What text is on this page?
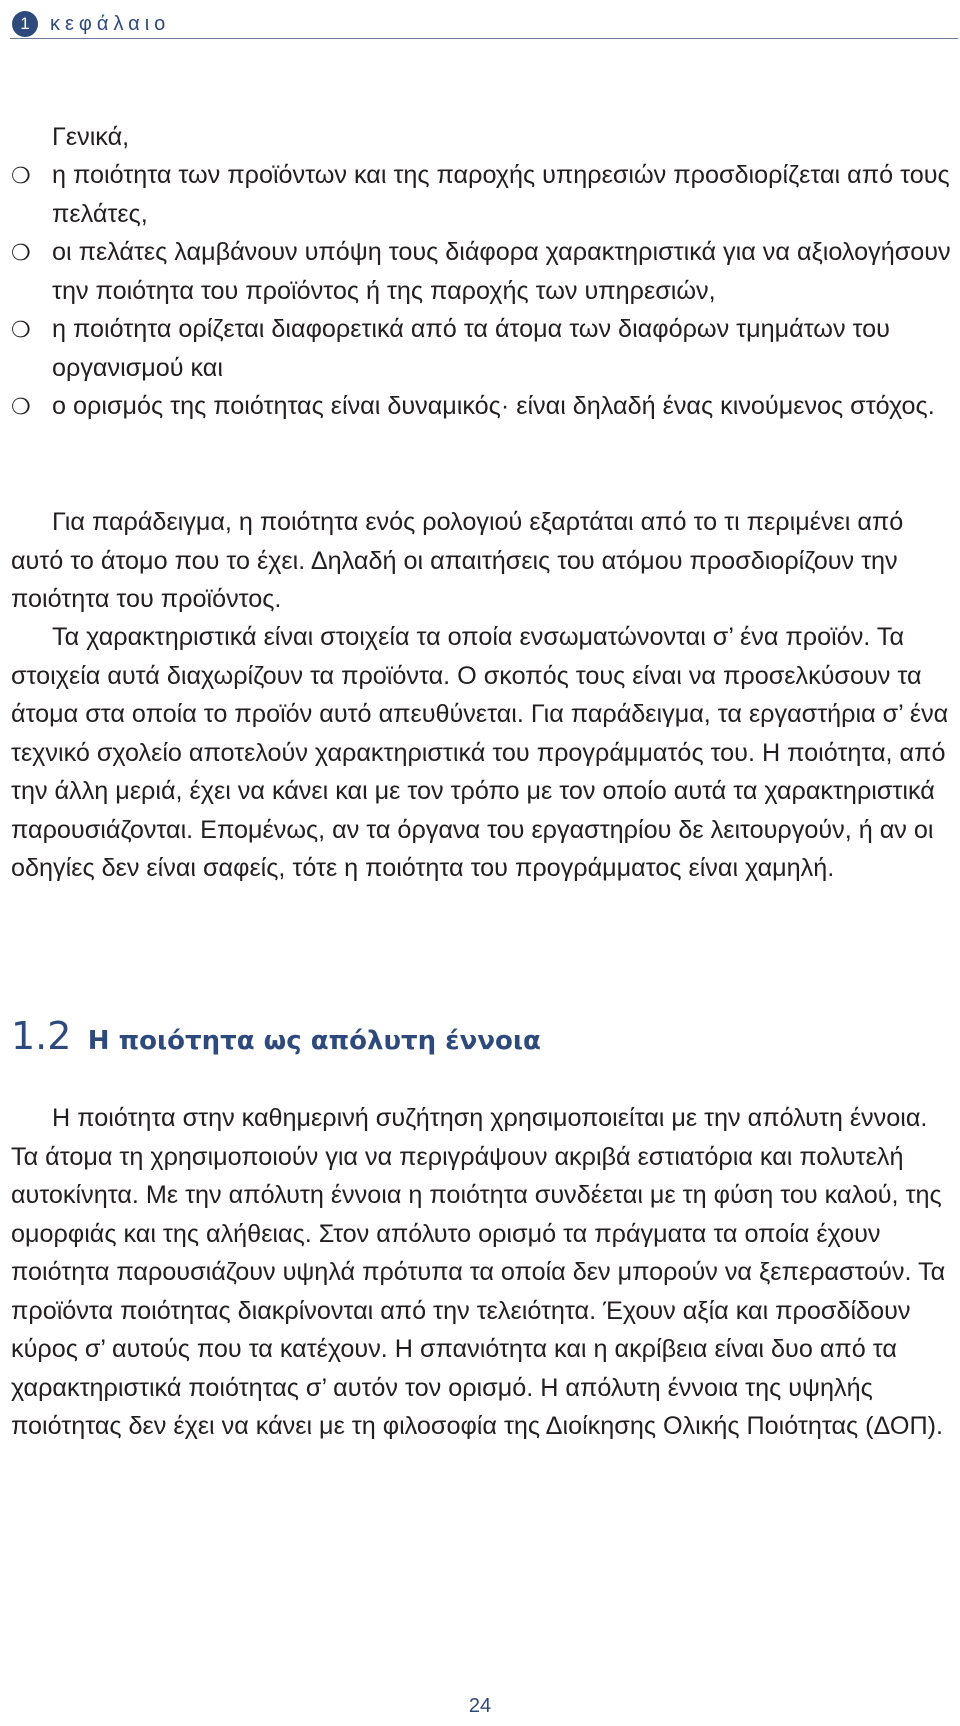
1	κεφάλαιο

Γενικά,

❍ η ποιότητα των προϊόντων και της παροχής υπηρεσιών προσδιορίζεται από τους πελάτες,
❍ οι πελάτες λαμβάνουν υπόψη τους διάφορα χαρακτηριστικά για να αξιολογήσουν την ποιότητα του προϊόντος ή της παροχής των υπηρεσιών,
❍ η ποιότητα ορίζεται διαφορετικά από τα άτομα των διαφόρων τμημάτων του οργανισμού και
❍ ο ορισμός της ποιότητας είναι δυναμικός· είναι δηλαδή ένας κινούμενος στόχος.

Για παράδειγμα, η ποιότητα ενός ρολογιού εξαρτάται από το τι περιμένει από αυτό το άτομο που το έχει. Δηλαδή οι απαιτήσεις του ατόμου προσδιορίζουν την ποιότητα του προϊόντος.

Τα χαρακτηριστικά είναι στοιχεία τα οποία ενσωματώνονται σ’ ένα προϊόν. Τα στοιχεία αυτά διαχωρίζουν τα προϊόντα. Ο σκοπός τους είναι να προσελκύσουν τα άτομα στα οποία το προϊόν αυτό απευθύνεται. Για παράδειγμα, τα εργαστήρια σ’ ένα τεχνικό σχολείο αποτελούν χαρακτηριστικά του προγράμματός του. Η ποιότητα, από την άλλη μεριά, έχει να κάνει και με τον τρόπο με τον οποίο αυτά τα χαρακτηριστικά παρουσιάζονται. Επομένως, αν τα όργανα του εργαστηρίου δε λειτουργούν, ή αν οι οδηγίες δεν είναι σαφείς, τότε η ποιότητα του προγράμματος είναι χαμηλή.

1.2 Η ποιότητα ως απόλυτη έννοια

Η ποιότητα στην καθημερινή συζήτηση χρησιμοποιείται με την απόλυτη έννοια. Τα άτομα τη χρησιμοποιούν για να περιγράψουν ακριβά εστιατόρια και πολυτελή αυτοκίνητα. Με την απόλυτη έννοια η ποιότητα συνδέεται με τη φύση του καλού, της ομορφιάς και της αλήθειας. Στον απόλυτο ορισμό τα πράγματα τα οποία έχουν ποιότητα παρουσιάζουν υψηλά πρότυπα τα οποία δεν μπορούν να ξεπεραστούν. Τα προϊόντα ποιότητας διακρίνονται από την τελειότητα. Έχουν αξία και προσδίδουν κύρος σ’ αυτούς που τα κατέχουν. Η σπανιότητα και η ακρίβεια είναι δυο από τα χαρακτηριστικά ποιότητας σ’ αυτόν τον ορισμό. Η απόλυτη έννοια της υψηλής ποιότητας δεν έχει να κάνει με τη φιλοσοφία της Διοίκησης Ολικής Ποιότητας (ΔΟΠ).

24
